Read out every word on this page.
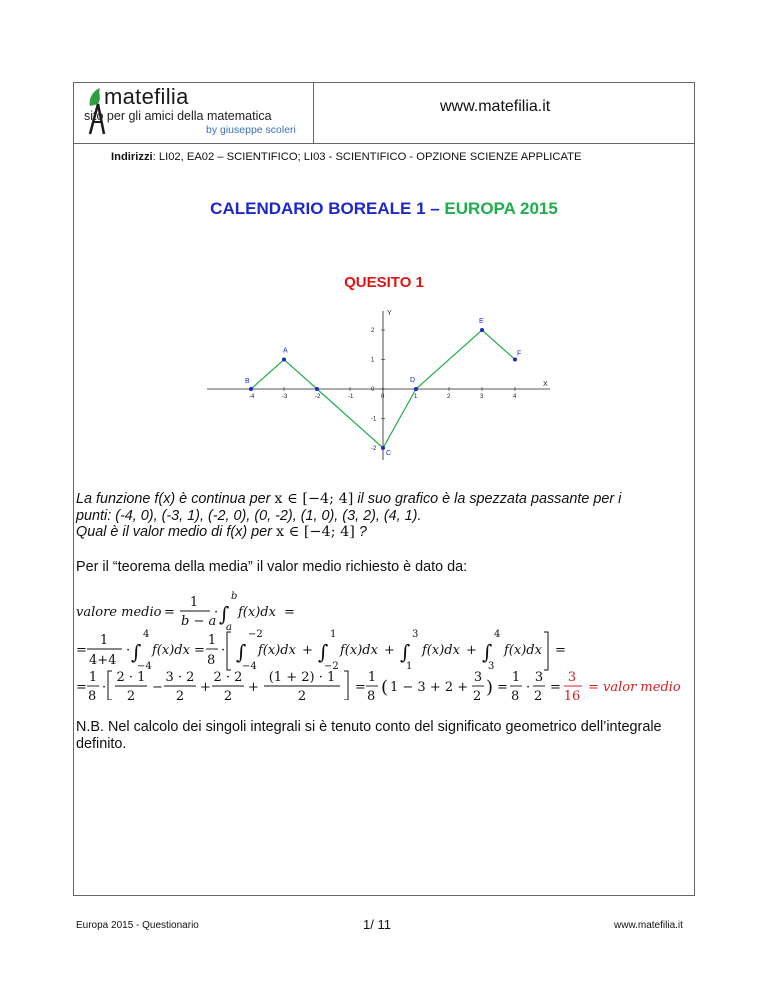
matefilia
sito per gli amici della matematica
by giuseppe scoleri
www.matefilia.it
Indirizzi: LI02, EA02 – SCIENTIFICO; LI03 - SCIENTIFICO - OPZIONE SCIENZE APPLICATE
CALENDARIO BOREALE 1 – EUROPA 2015
QUESITO 1
X
Y
-4	-3	-2	-1	0	1	2	3	4
2
1
0
-1
-2
B
A
C
D
E
F
La funzione f(x) è continua per x ∈ [−4; 4] il suo grafico è la spezzata passante per i
punti: (-4, 0), (-3, 1), (-2, 0), (0, -2), (1, 0), (3, 2), (4, 1).
Qual è il valor medio di f(x) per x ∈ [−4; 4] ?
Per il “teorema della media” il valor medio richiesto è dato da:
valore medio =
1
b − a
· ∫
b
a
f(x)dx =
=
1
4+4
· ∫
4
−4
f(x)dx =
1
8
· ∫
−2
−4
f(x)dx + ∫
1
−2
f(x)dx + ∫
3
1
f(x)dx + ∫
4
3
f(x)dx =
=
1
8
·
2 · 1
2
−
3 · 2
2
+
2 · 2
2
+
(1 + 2) · 1
2
=
1
8 ( 1 − 3 + 2 +
3
2 ) =
1
8
·
3
2
=
3
16
= valor medio
N.B. Nel calcolo dei singoli integrali si è tenuto conto del significato geometrico dell’integrale definito.
Europa 2015 - Questionario	1/ 11	www.matefilia.it
